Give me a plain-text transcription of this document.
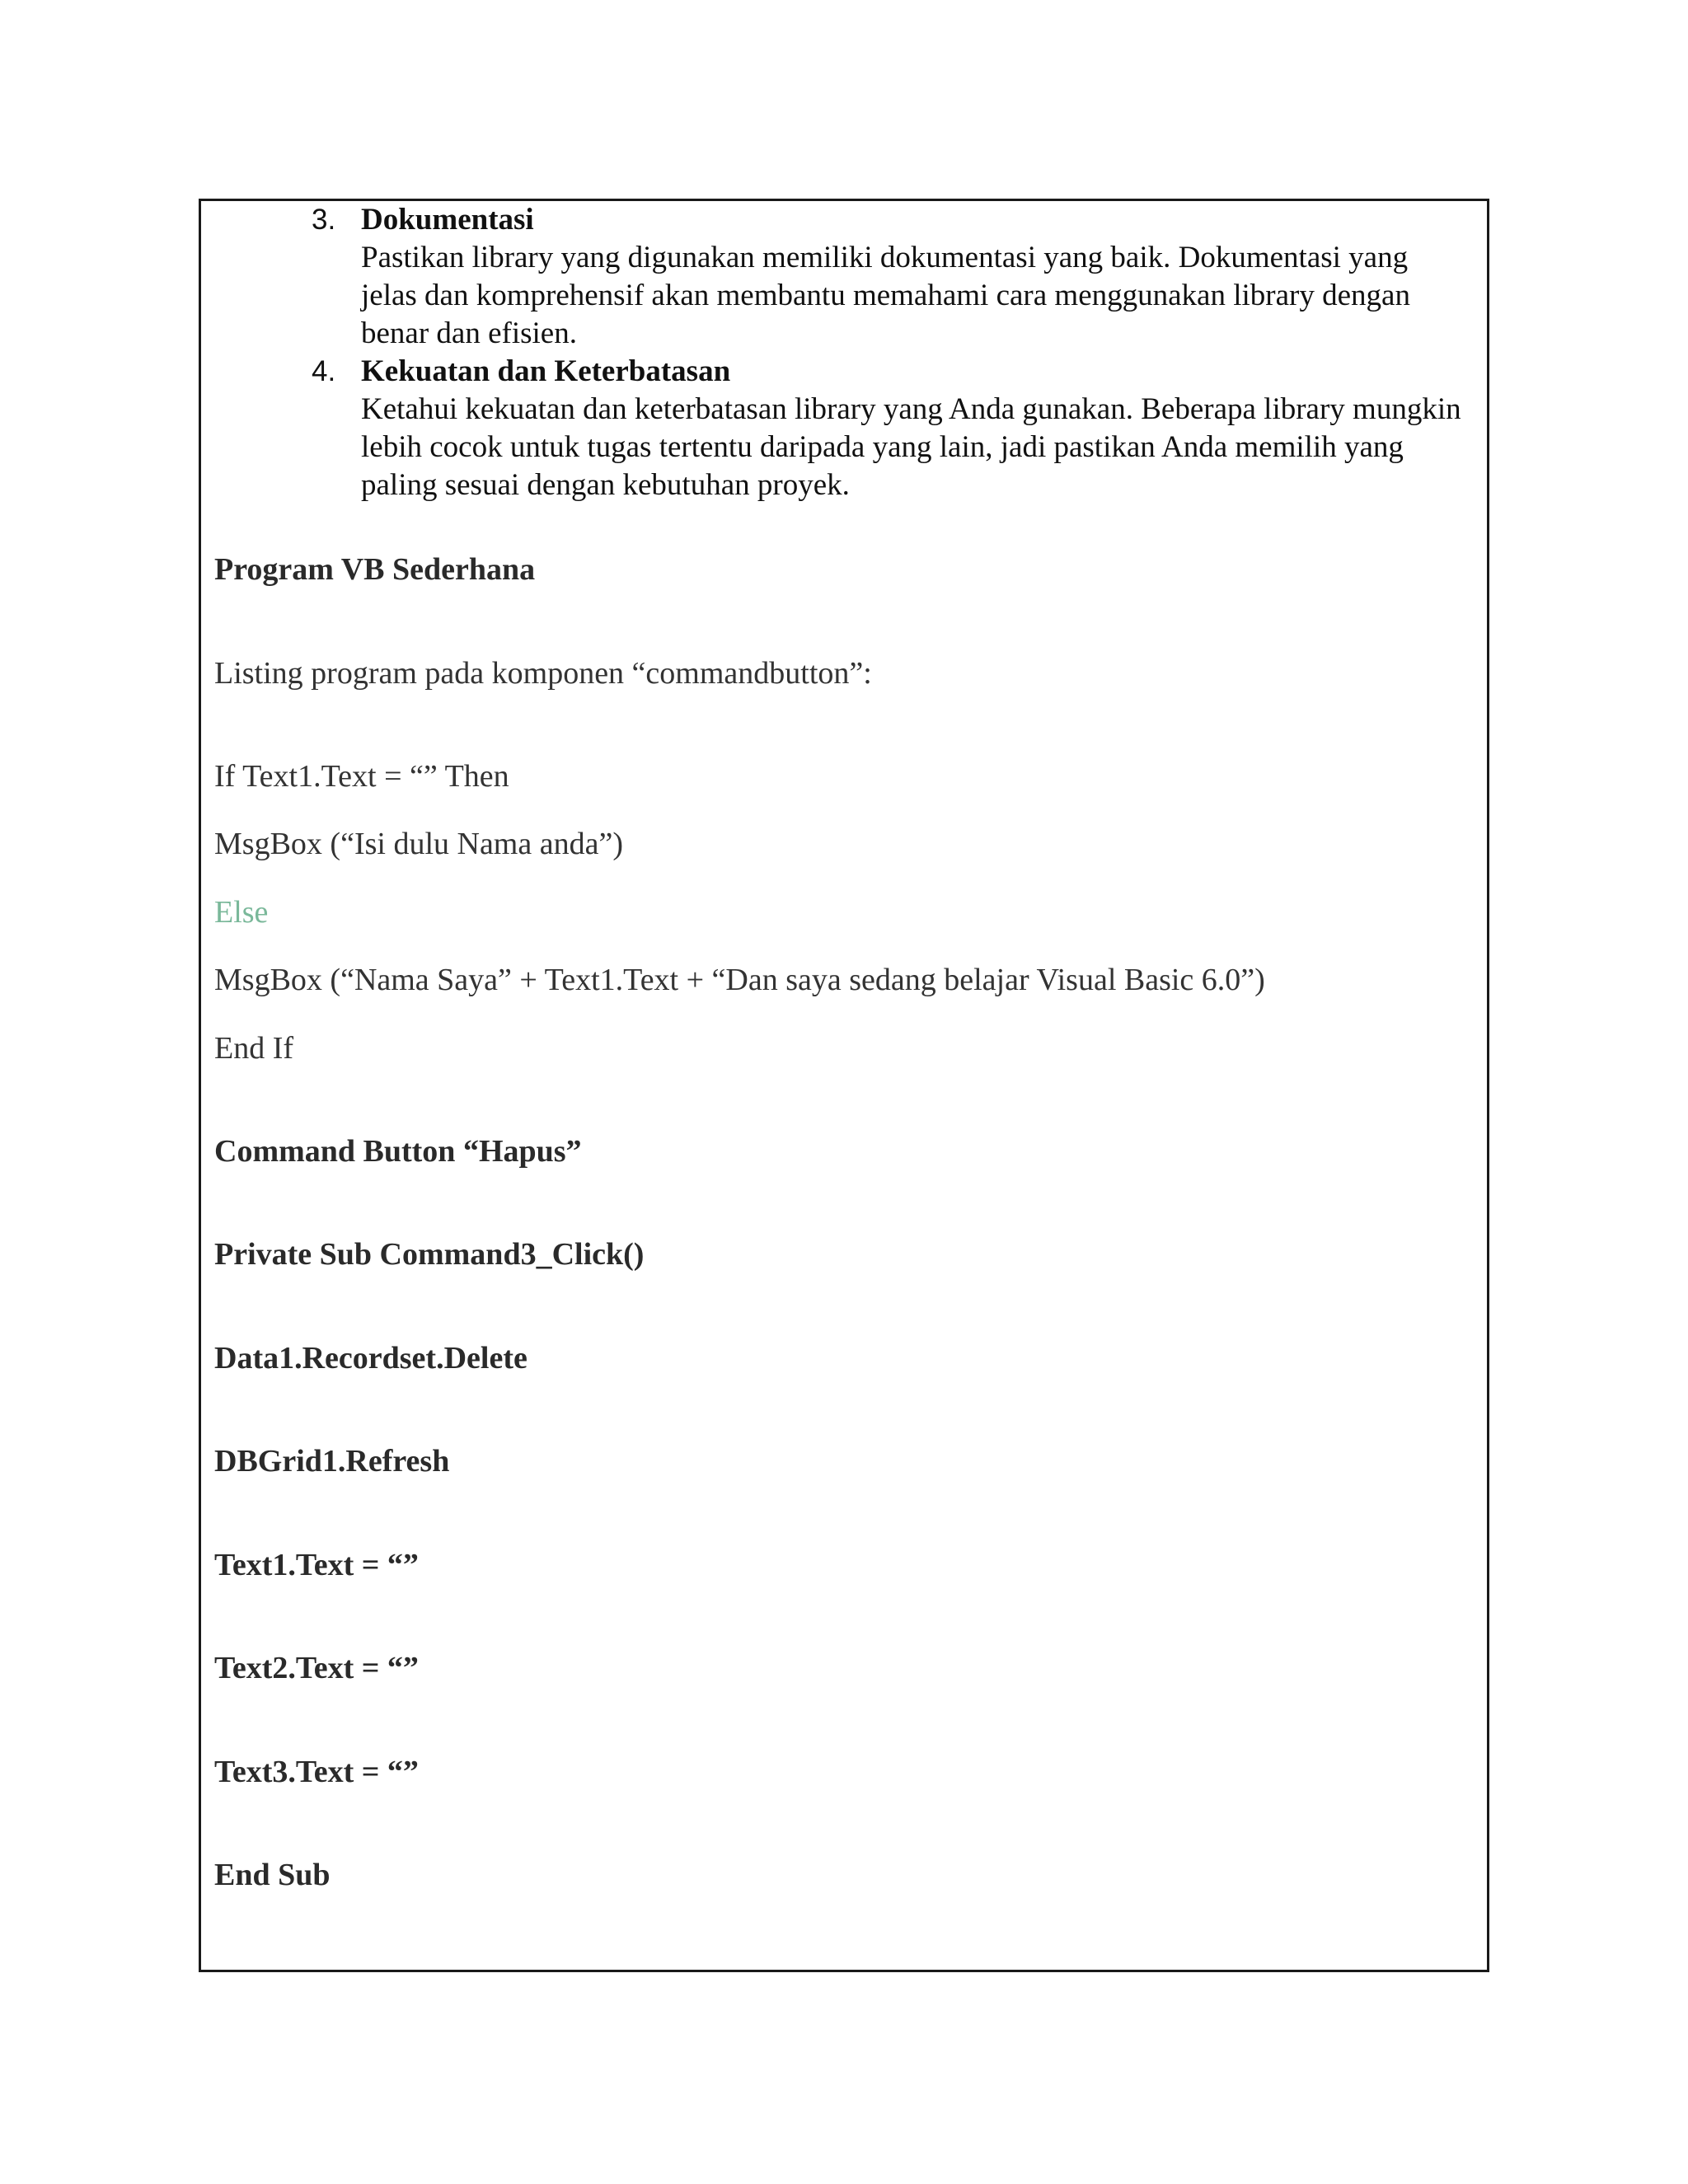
3. Dokumentasi
Pastikan library yang digunakan memiliki dokumentasi yang baik. Dokumentasi yang jelas dan komprehensif akan membantu memahami cara menggunakan library dengan benar dan efisien.
4. Kekuatan dan Keterbatasan
Ketahui kekuatan dan keterbatasan library yang Anda gunakan. Beberapa library mungkin lebih cocok untuk tugas tertentu daripada yang lain, jadi pastikan Anda memilih yang paling sesuai dengan kebutuhan proyek.
Program VB Sederhana
Listing program pada komponen “commandbutton”:
If Text1.Text = “” Then
MsgBox (“Isi dulu Nama anda”)
Else
MsgBox (“Nama Saya” + Text1.Text + “Dan saya sedang belajar Visual Basic 6.0”)
End If
Command Button “Hapus”
Private Sub Command3_Click()
Data1.Recordset.Delete
DBGrid1.Refresh
Text1.Text = “”
Text2.Text = “”
Text3.Text = “”
End Sub
